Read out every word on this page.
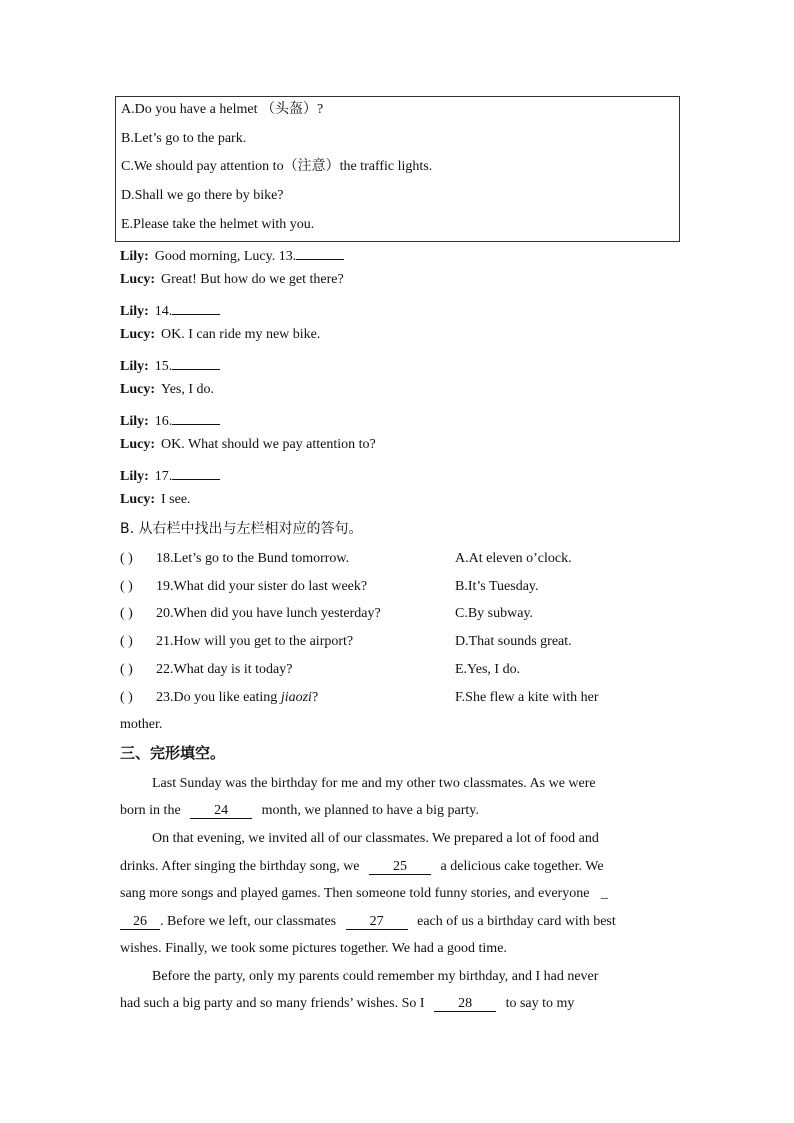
A.Do you have a helmet （头盔）?
B.Let’s go to the park.
C.We should pay attention to（注意）the traffic lights.
D.Shall we go there by bike?
E.Please take the helmet with you.
Lily: Good morning, Lucy. 13.
Lucy: Great! But how do we get there?
Lily: 14.
Lucy: OK. I can ride my new bike.
Lily: 15.
Lucy: Yes, I do.
Lily: 16.
Lucy: OK. What should we pay attention to?
Lily: 17.
Lucy: I see.
B. 从右栏中找出与左栏相对应的答句。
( ) 18.Let’s go to the Bund tomorrow.	A.At eleven o’clock.
( ) 19.What did your sister do last week?	B.It’s Tuesday.
( ) 20.When did you have lunch yesterday?	C.By subway.
( ) 21.How will you get to the airport?	D.That sounds great.
( ) 22.What day is it today?	E.Yes, I do.
( ) 23.Do you like eating jiaozi?	F.She flew a kite with her
mother.
三、完形填空。
Last Sunday was the birthday for me and my other two classmates. As we were
born in the 24 month, we planned to have a big party.
On that evening, we invited all of our classmates. We prepared a lot of food and
drinks. After singing the birthday song, we 25 a delicious cake together. We
sang more songs and played games. Then someone told funny stories, and everyone _
26 . Before we left, our classmates 27 each of us a birthday card with best
wishes. Finally, we took some pictures together. We had a good time.
Before the party, only my parents could remember my birthday, and I had never
had such a big party and so many friends’ wishes. So I 28 to say to my
